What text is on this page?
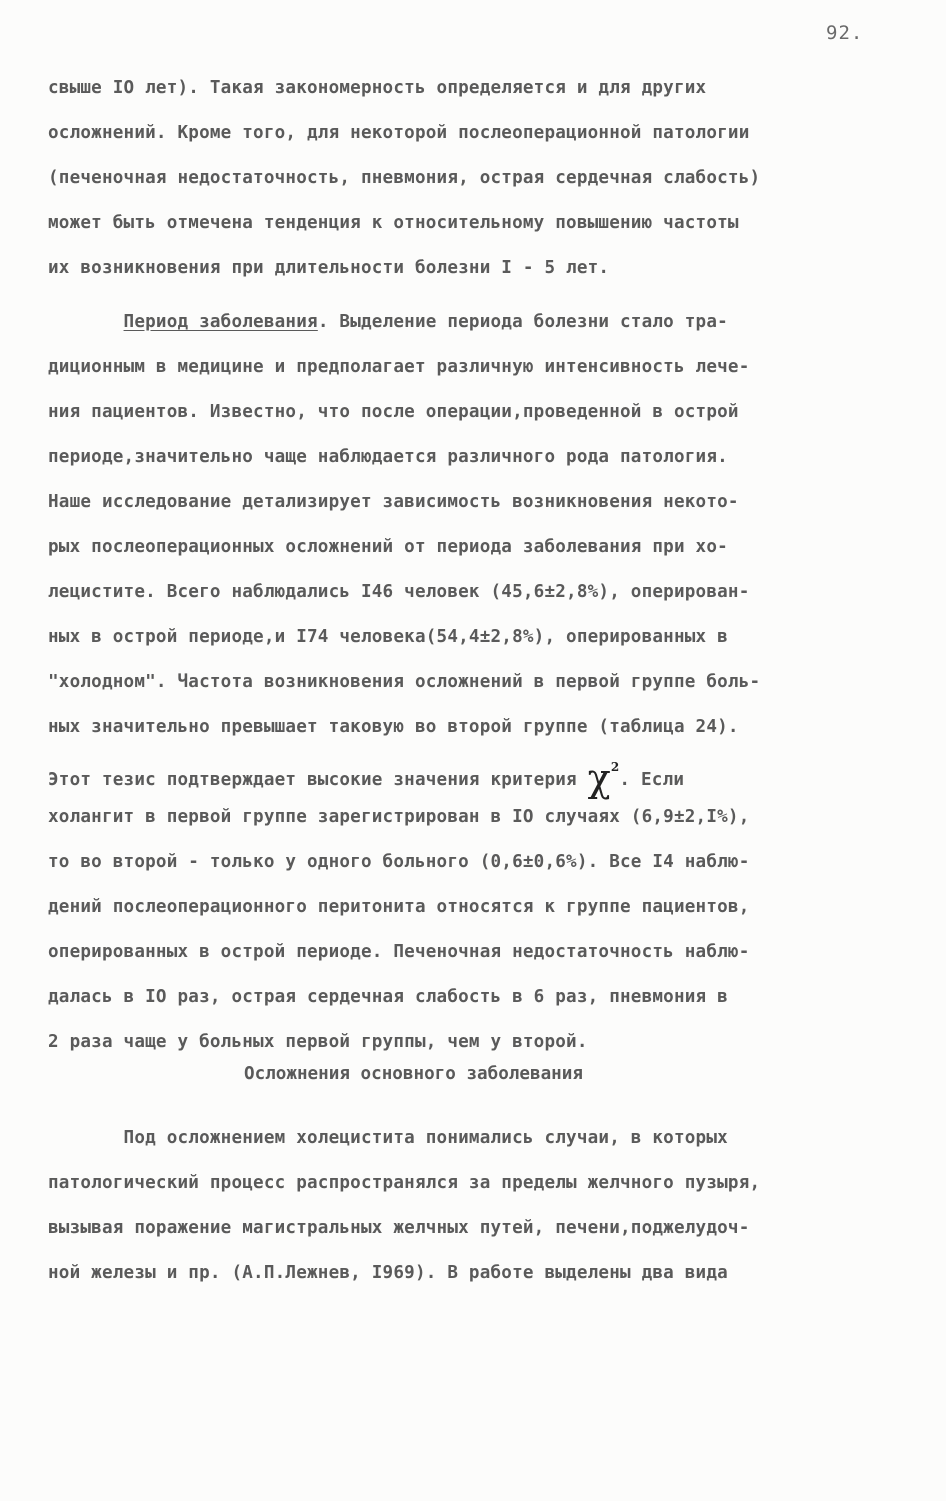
92.
свыше IO лет). Такая закономерность определяется и для других
осложнений. Кроме того, для некоторой послеоперационной патологии
(печеночная недостаточность, пневмония, острая сердечная слабость)
может быть отмечена тенденция к относительному повышению частоты
их возникновения при длительности болезни I - 5 лет.
Период заболевания. Выделение периода болезни стало тра-
диционным в медицине и предполагает различную интенсивность лече-
ния пациентов. Известно, что после операции,проведенной в острой
периоде,значительно чаще наблюдается различного рода патология.
Наше исследование детализирует зависимость возникновения некото-
рых послеоперационных осложнений от периода заболевания при хо-
лецистите. Всего наблюдались I46 человек (45,6±2,8%), оперирован-
ных в острой периоде,и I74 человека(54,4±2,8%), оперированных в
"холодном". Частота возникновения осложнений в первой группе боль-
ных значительно превышает таковую во второй группе (таблица 24).
Этот тезис подтверждает высокие значения критерия $\chi^2$. Если
холангит в первой группе зарегистрирован в IO случаях (6,9±2,I%),
то во второй - только у одного больного (0,6±0,6%). Все I4 наблю-
дений послеоперационного перитонита относятся к группе пациентов,
оперированных в острой периоде. Печеночная недостаточность наблю-
далась в IO раз, острая сердечная слабость в 6 раз, пневмония в
2 раза чаще у больных первой группы, чем у второй.
Осложнения основного заболевания
Под осложнением холецистита понимались случаи, в которых
патологический процесс распространялся за пределы желчного пузыря,
вызывая поражение магистральных желчных путей, печени,поджелудоч-
ной железы и пр. (А.П.Лежнев, I969). В работе выделены два вида
